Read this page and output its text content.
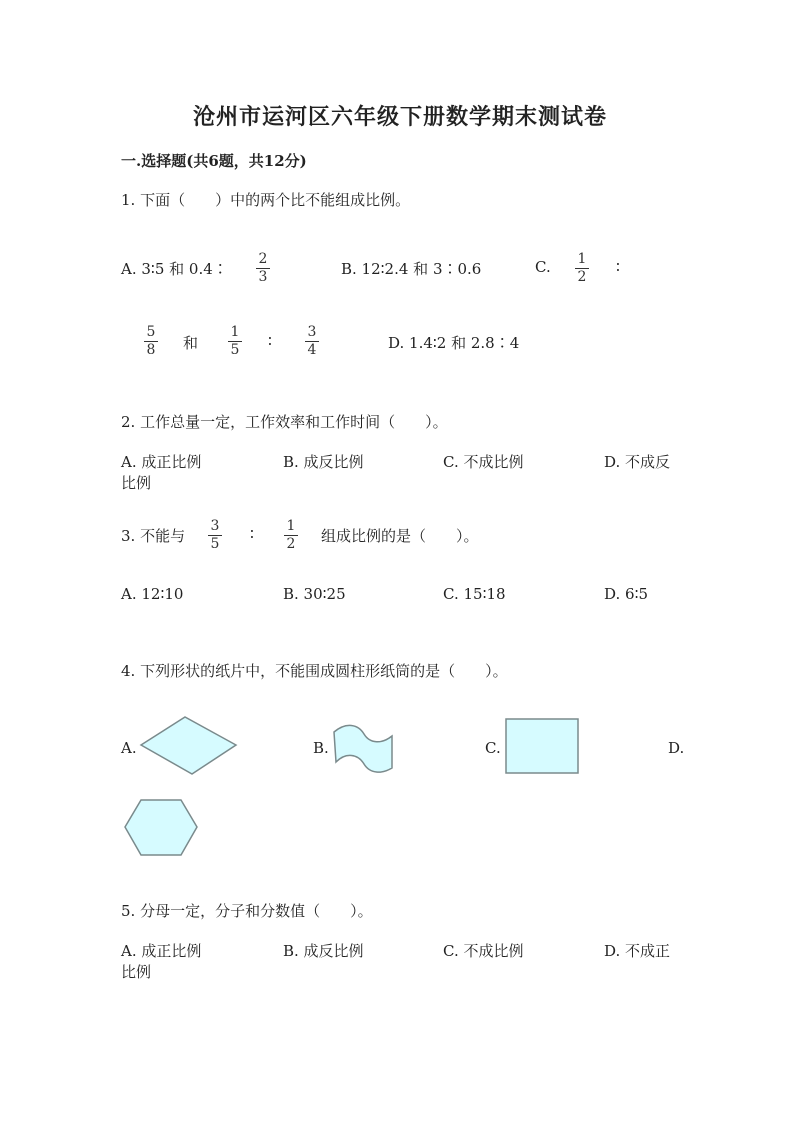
沧州市运河区六年级下册数学期末测试卷
一.选择题(共6题，共12分)
1. 下面（　　）中的两个比不能组成比例。
A. 3∶5 和 0.4∶
2
3	B. 12∶2.4 和 3∶0.6	C. 1
2
∶
5
8 和
1
5 ∶	3
4	D. 1.4∶2 和 2.8∶4
2. 工作总量一定，工作效率和工作时间（　　）。
A. 成正比例	B. 成反比例	C. 不成比例	D. 不成反
比例
3. 不能与
3
5
∶ 1
2 组成比例的是（　　）。
A. 12∶10	B. 30∶25	C. 15∶18	D. 6∶5
4. 下列形状的纸片中，不能围成圆柱形纸筒的是（　　）。
A.	B.	C.	D.
5. 分母一定，分子和分数值（　　）。
A. 成正比例	B. 成反比例	C. 不成比例	D. 不成正
比例
